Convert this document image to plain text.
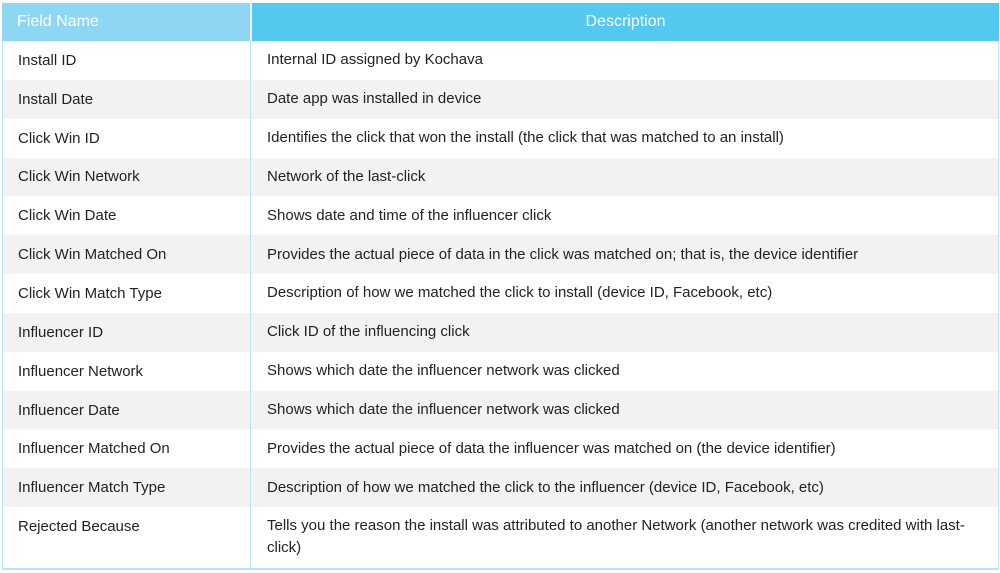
Field Name	Description
Install ID	Internal ID assigned by Kochava
Install Date	Date app was installed in device
Click Win ID	Identifies the click that won the install (the click that was matched to an install)
Click Win Network	Network of the last-click
Click Win Date	Shows date and time of the influencer click
Click Win Matched On	Provides the actual piece of data in the click was matched on; that is, the device identifier
Click Win Match Type	Description of how we matched the click to install (device ID, Facebook, etc)
Influencer ID	Click ID of the influencing click
Influencer Network	Shows which date the influencer network was clicked
Influencer Date	Shows which date the influencer network was clicked
Influencer Matched On	Provides the actual piece of data the influencer was matched on (the device identifier)
Influencer Match Type	Description of how we matched the click to the influencer (device ID, Facebook, etc)
Rejected Because	Tells you the reason the install was attributed to another Network (another network was credited with last-click)
